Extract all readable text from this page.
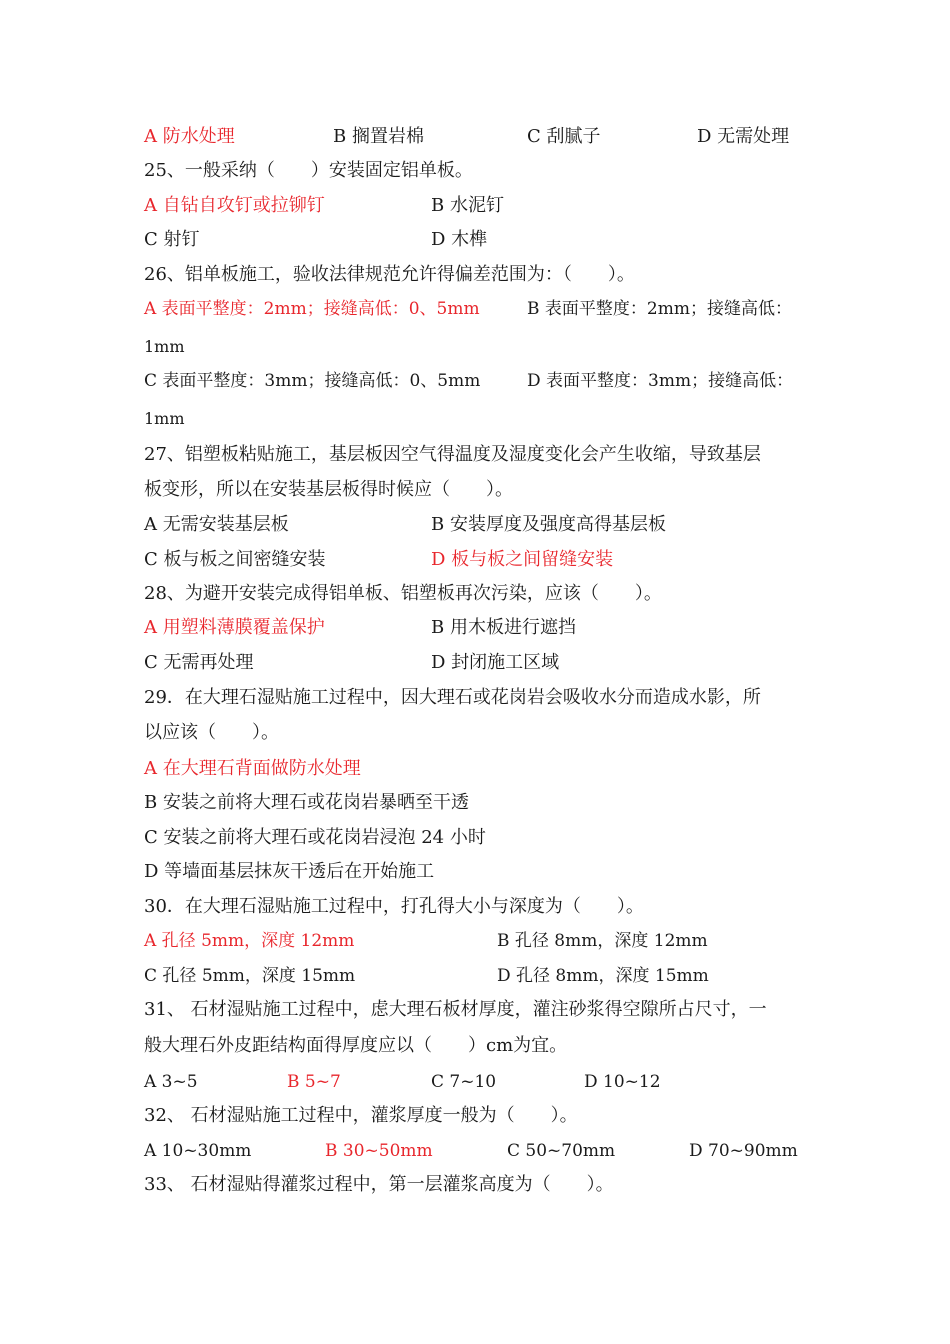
A 防水处理	B 搁置岩棉	C 刮腻子	D 无需处理
25、一般采纳（　　）安装固定铝单板。
A 自钻自攻钉或拉铆钉	B 水泥钉
C 射钉	D 木榫
26、铝单板施工，验收法律规范允许得偏差范围为：（　　）。
A 表面平整度：2mm；接缝高低：0、5mm	B 表面平整度：2mm；接缝高低：
1mm
C 表面平整度：3mm；接缝高低：0、5mm	D 表面平整度：3mm；接缝高低：
1mm
27、铝塑板粘贴施工，基层板因空气得温度及湿度变化会产生收缩，导致基层
板变形，所以在安装基层板得时候应（　　）。
A 无需安装基层板	B 安装厚度及强度高得基层板
C 板与板之间密缝安装	D 板与板之间留缝安装
28、为避开安装完成得铝单板、铝塑板再次污染，应该（　　）。
A 用塑料薄膜覆盖保护	B 用木板进行遮挡
C 无需再处理	D 封闭施工区域
29．在大理石湿贴施工过程中，因大理石或花岗岩会吸收水分而造成水影，所
以应该（　　）。
A 在大理石背面做防水处理
B 安装之前将大理石或花岗岩暴晒至干透
C 安装之前将大理石或花岗岩浸泡 24 小时
D 等墙面基层抹灰干透后在开始施工
30．在大理石湿贴施工过程中，打孔得大小与深度为（　　）。
A 孔径 5mm，深度 12mm	B 孔径 8mm，深度 12mm
C 孔径 5mm，深度 15mm	D 孔径 8mm，深度 15mm
31、 石材湿贴施工过程中，虑大理石板材厚度，灌注砂浆得空隙所占尺寸，一
般大理石外皮距结构面得厚度应以（　　）cm为宜。
A 3~5	B 5~7	C 7~10	D 10~12
32、 石材湿贴施工过程中，灌浆厚度一般为（　　）。
A 10~30mm	B 30~50mm	C 50~70mm	D 70~90mm
33、 石材湿贴得灌浆过程中，第一层灌浆高度为（　　）。
